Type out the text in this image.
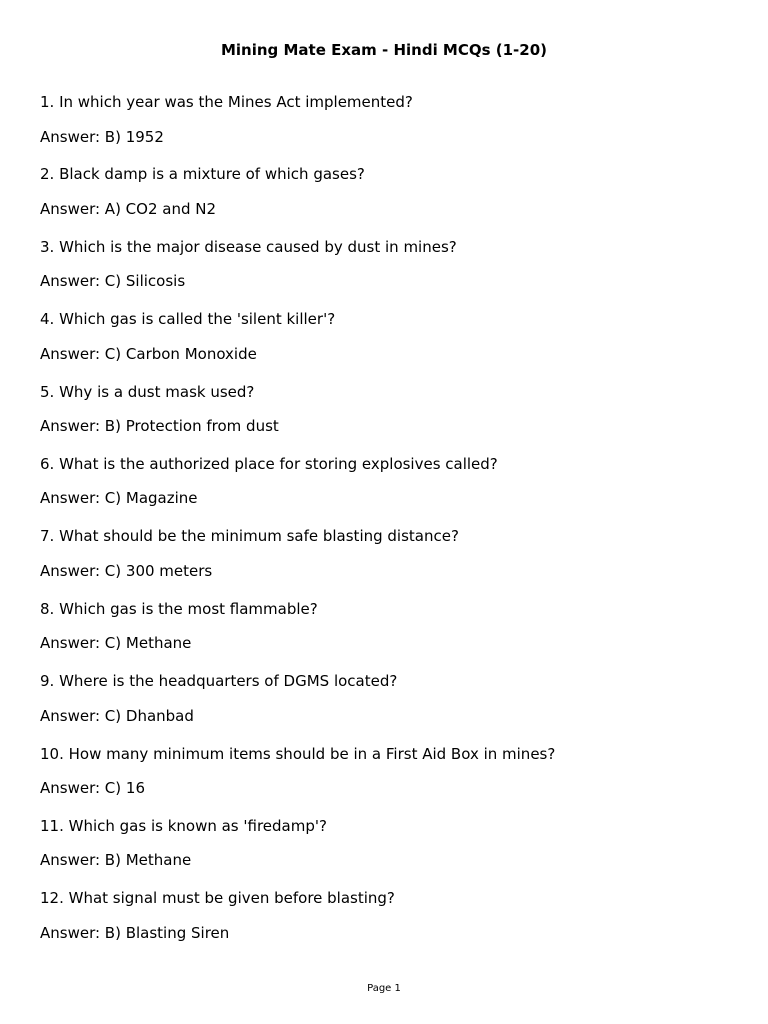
Mining Mate Exam - Hindi MCQs (1-20)
1. In which year was the Mines Act implemented?
Answer: B) 1952
2. Black damp is a mixture of which gases?
Answer: A) CO2 and N2
3. Which is the major disease caused by dust in mines?
Answer: C) Silicosis
4. Which gas is called the 'silent killer'?
Answer: C) Carbon Monoxide
5. Why is a dust mask used?
Answer: B) Protection from dust
6. What is the authorized place for storing explosives called?
Answer: C) Magazine
7. What should be the minimum safe blasting distance?
Answer: C) 300 meters
8. Which gas is the most flammable?
Answer: C) Methane
9. Where is the headquarters of DGMS located?
Answer: C) Dhanbad
10. How many minimum items should be in a First Aid Box in mines?
Answer: C) 16
11. Which gas is known as 'firedamp'?
Answer: B) Methane
12. What signal must be given before blasting?
Answer: B) Blasting Siren
Page 1
